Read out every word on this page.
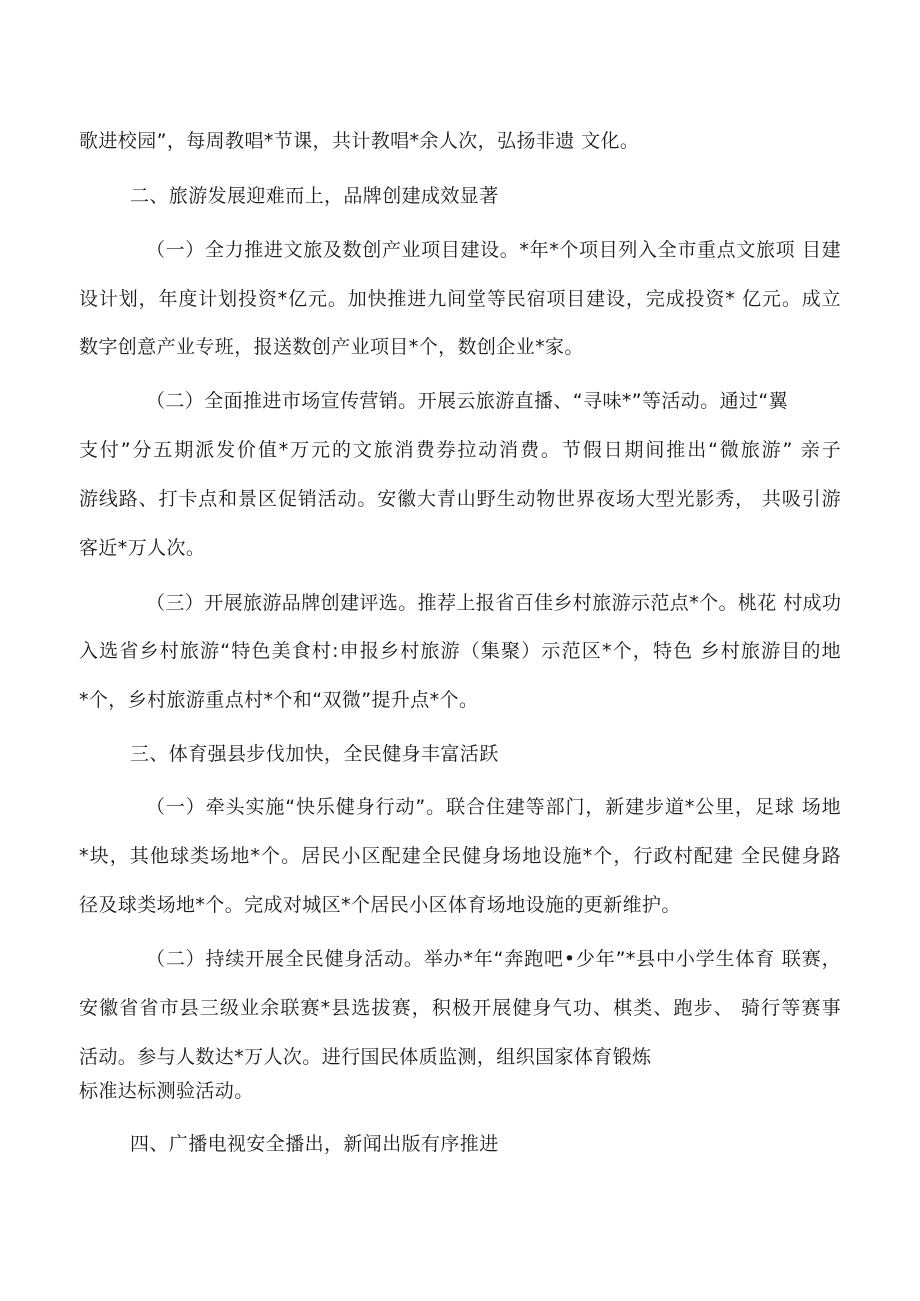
歌进校园”，每周教唱*节课，共计教唱*余人次，弘扬非遗 文化。
二、旅游发展迎难而上，品牌创建成效显著
（一）全力推进文旅及数创产业项目建设。*年*个项目列入全市重点文旅项 目建
设计划，年度计划投资*亿元。加快推进九间堂等民宿项目建设，完成投资* 亿元。成立
数字创意产业专班，报送数创产业项目*个，数创企业*家。
（二）全面推进市场宣传营销。开展云旅游直播、“寻味*”等活动。通过“翼
支付”分五期派发价值*万元的文旅消费券拉动消费。节假日期间推出“微旅游” 亲子
游线路、打卡点和景区促销活动。安徽大青山野生动物世界夜场大型光影秀， 共吸引游
客近*万人次。
（三）开展旅游品牌创建评选。推荐上报省百佳乡村旅游示范点*个。桃花 村成功
入选省乡村旅游“特色美食村:申报乡村旅游（集聚）示范区*个，特色 乡村旅游目的地
*个，乡村旅游重点村*个和“双微”提升点*个。
三、体育强县步伐加快，全民健身丰富活跃
（一）牵头实施“快乐健身行动”。联合住建等部门，新建步道*公里，足球 场地
*块，其他球类场地*个。居民小区配建全民健身场地设施*个，行政村配建 全民健身路
径及球类场地*个。完成对城区*个居民小区体育场地设施的更新维护。
（二）持续开展全民健身活动。举办*年“奔跑吧•少年”*县中小学生体育 联赛，
安徽省省市县三级业余联赛*县选拔赛，积极开展健身气功、棋类、跑步、 骑行等赛事
活动。参与人数达*万人次。进行国民体质监测，组织国家体育锻炼
标准达标测验活动。
四、广播电视安全播出，新闻出版有序推进
